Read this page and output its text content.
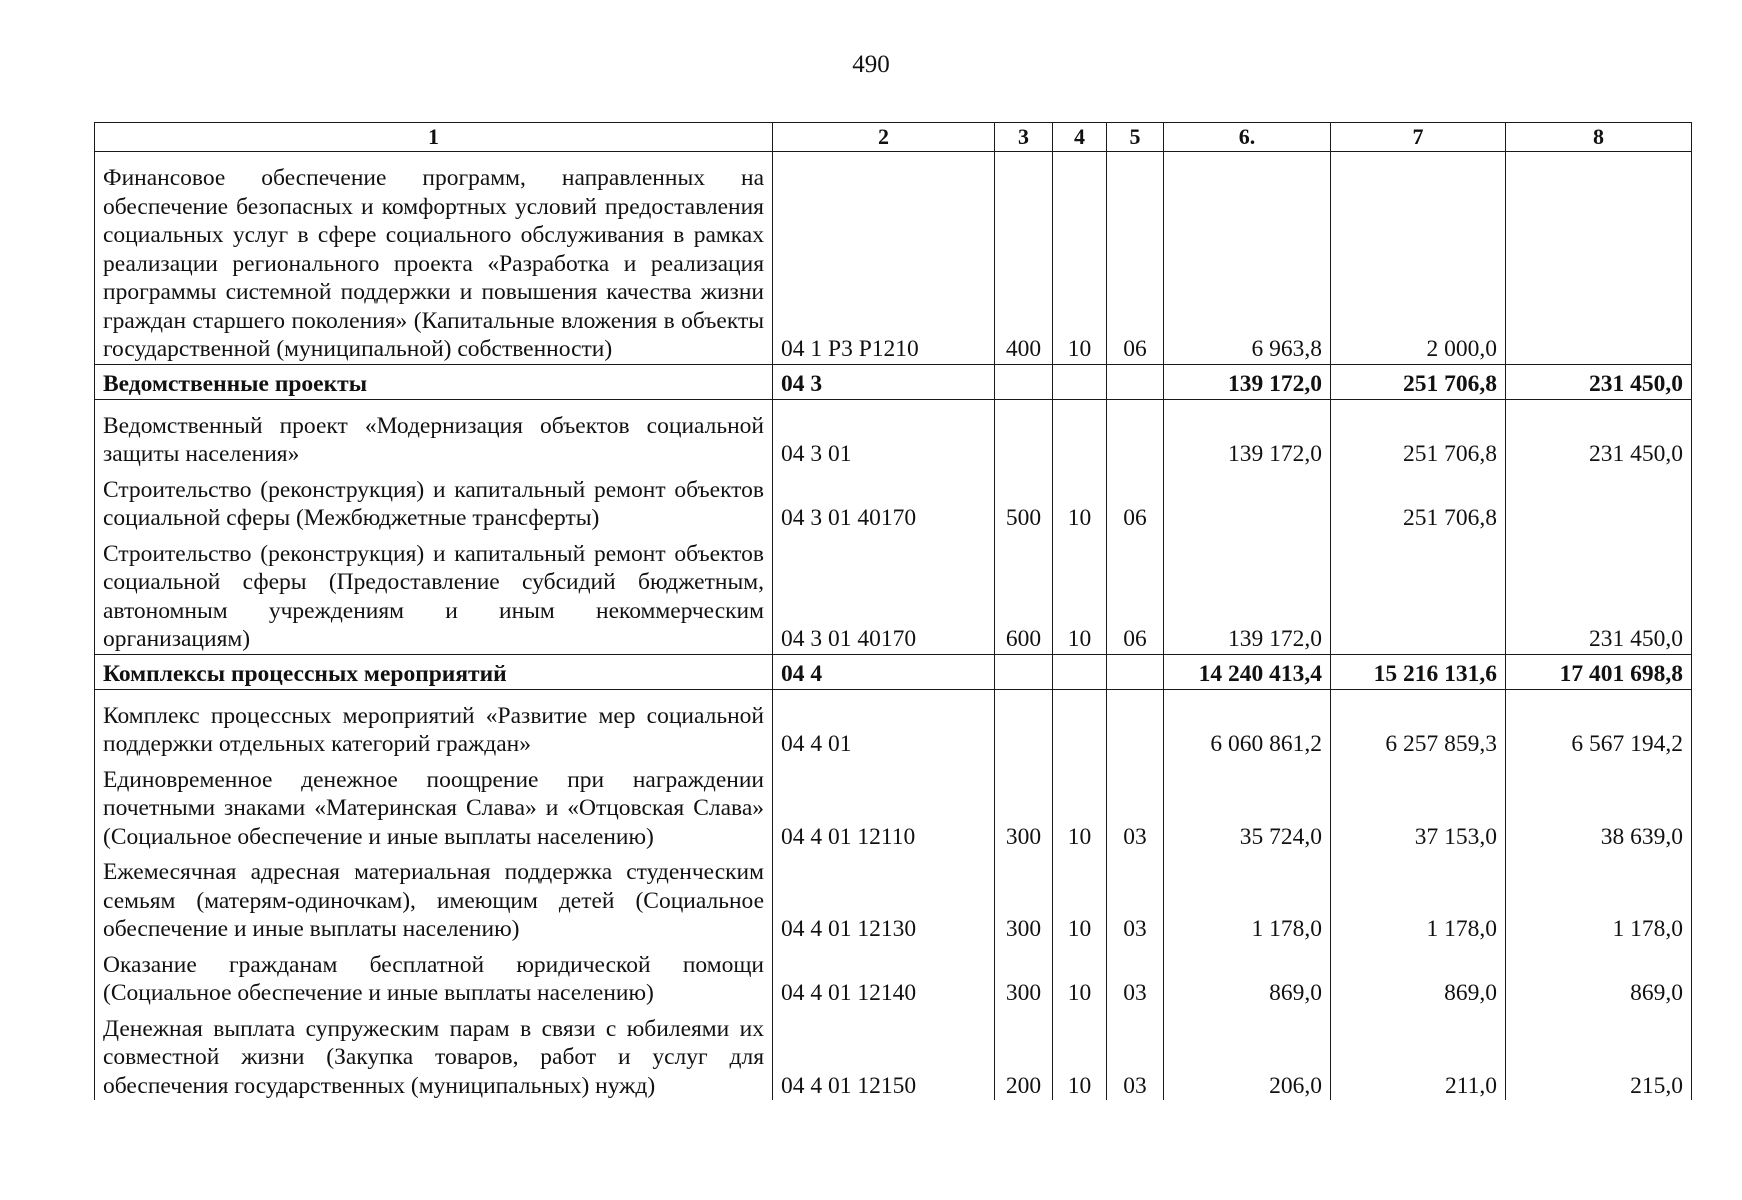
490
1	2	3	4	5	6.	7	8
Финансовое обеспечение программ, направленных на обеспечение безопасных и комфортных условий предоставления социальных услуг в сфере социального обслуживания в рамках реализации регионального проекта «Разработка и реализация программы системной поддержки и повышения качества жизни граждан старшего поколения» (Капитальные вложения в объекты государственной (муниципальной) собственности)	04 1 P3 P1210	400	10	06	6 963,8	2 000,0	
Ведомственные проекты	04 3				139 172,0	251 706,8	231 450,0
Ведомственный проект «Модернизация объектов социальной защиты населения»	04 3 01				139 172,0	251 706,8	231 450,0
Строительство (реконструкция) и капитальный ремонт объектов социальной сферы (Межбюджетные трансферты)	04 3 01 40170	500	10	06		251 706,8	
Строительство (реконструкция) и капитальный ремонт объектов социальной сферы (Предоставление субсидий бюджетным, автономным учреждениям и иным некоммерческим организациям)	04 3 01 40170	600	10	06	139 172,0		231 450,0
Комплексы процессных мероприятий	04 4				14 240 413,4	15 216 131,6	17 401 698,8
Комплекс процессных мероприятий «Развитие мер социальной поддержки отдельных категорий граждан»	04 4 01				6 060 861,2	6 257 859,3	6 567 194,2
Единовременное денежное поощрение при награждении почетными знаками «Материнская Слава» и «Отцовская Слава» (Социальное обеспечение и иные выплаты населению)	04 4 01 12110	300	10	03	35 724,0	37 153,0	38 639,0
Ежемесячная адресная материальная поддержка студенческим семьям (матерям-одиночкам), имеющим детей (Социальное обеспечение и иные выплаты населению)	04 4 01 12130	300	10	03	1 178,0	1 178,0	1 178,0
Оказание гражданам бесплатной юридической помощи (Социальное обеспечение и иные выплаты населению)	04 4 01 12140	300	10	03	869,0	869,0	869,0
Денежная выплата супружеским парам в связи с юбилеями их совместной жизни (Закупка товаров, работ и услуг для обеспечения государственных (муниципальных) нужд)	04 4 01 12150	200	10	03	206,0	211,0	215,0
